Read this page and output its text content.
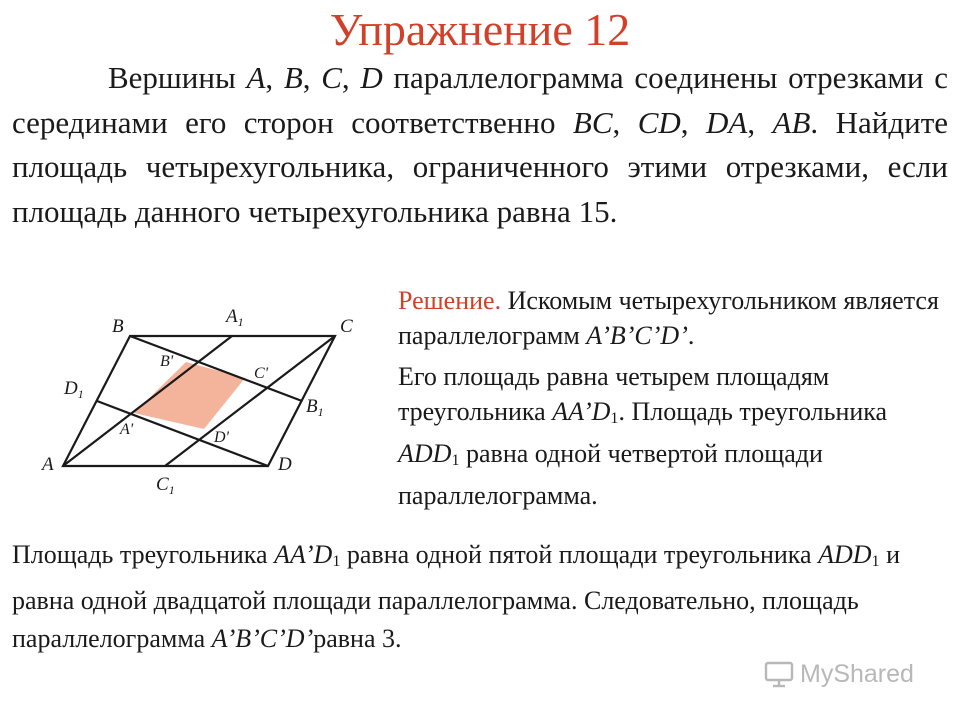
Упражнение 12
Вершины A, B, C, D параллелограмма соединены отрезками с серединами его сторон соответственно BC, CD, DA, AB. Найдите площадь четырехугольника, ограниченного этими отрезками, если площадь данного четырехугольника равна 15.
B	C
A	D
$A_1$
$B_1$
$C_1$
$D_1$
A'
B'
C'
D'

Решение. Искомым четырехугольником является параллелограмм A’B’C’D’.

Его площадь равна четырем площадям треугольника $AA’D_1$. Площадь треугольника $ADD_1$ равна одной четвертой площади параллелограмма.

Площадь треугольника $AA’D_1$ равна одной пятой площади треугольника $ADD_1$ и равна одной двадцатой площади параллелограмма. Следовательно, площадь параллелограмма A’B’C’D’равна 3.
MyShared
